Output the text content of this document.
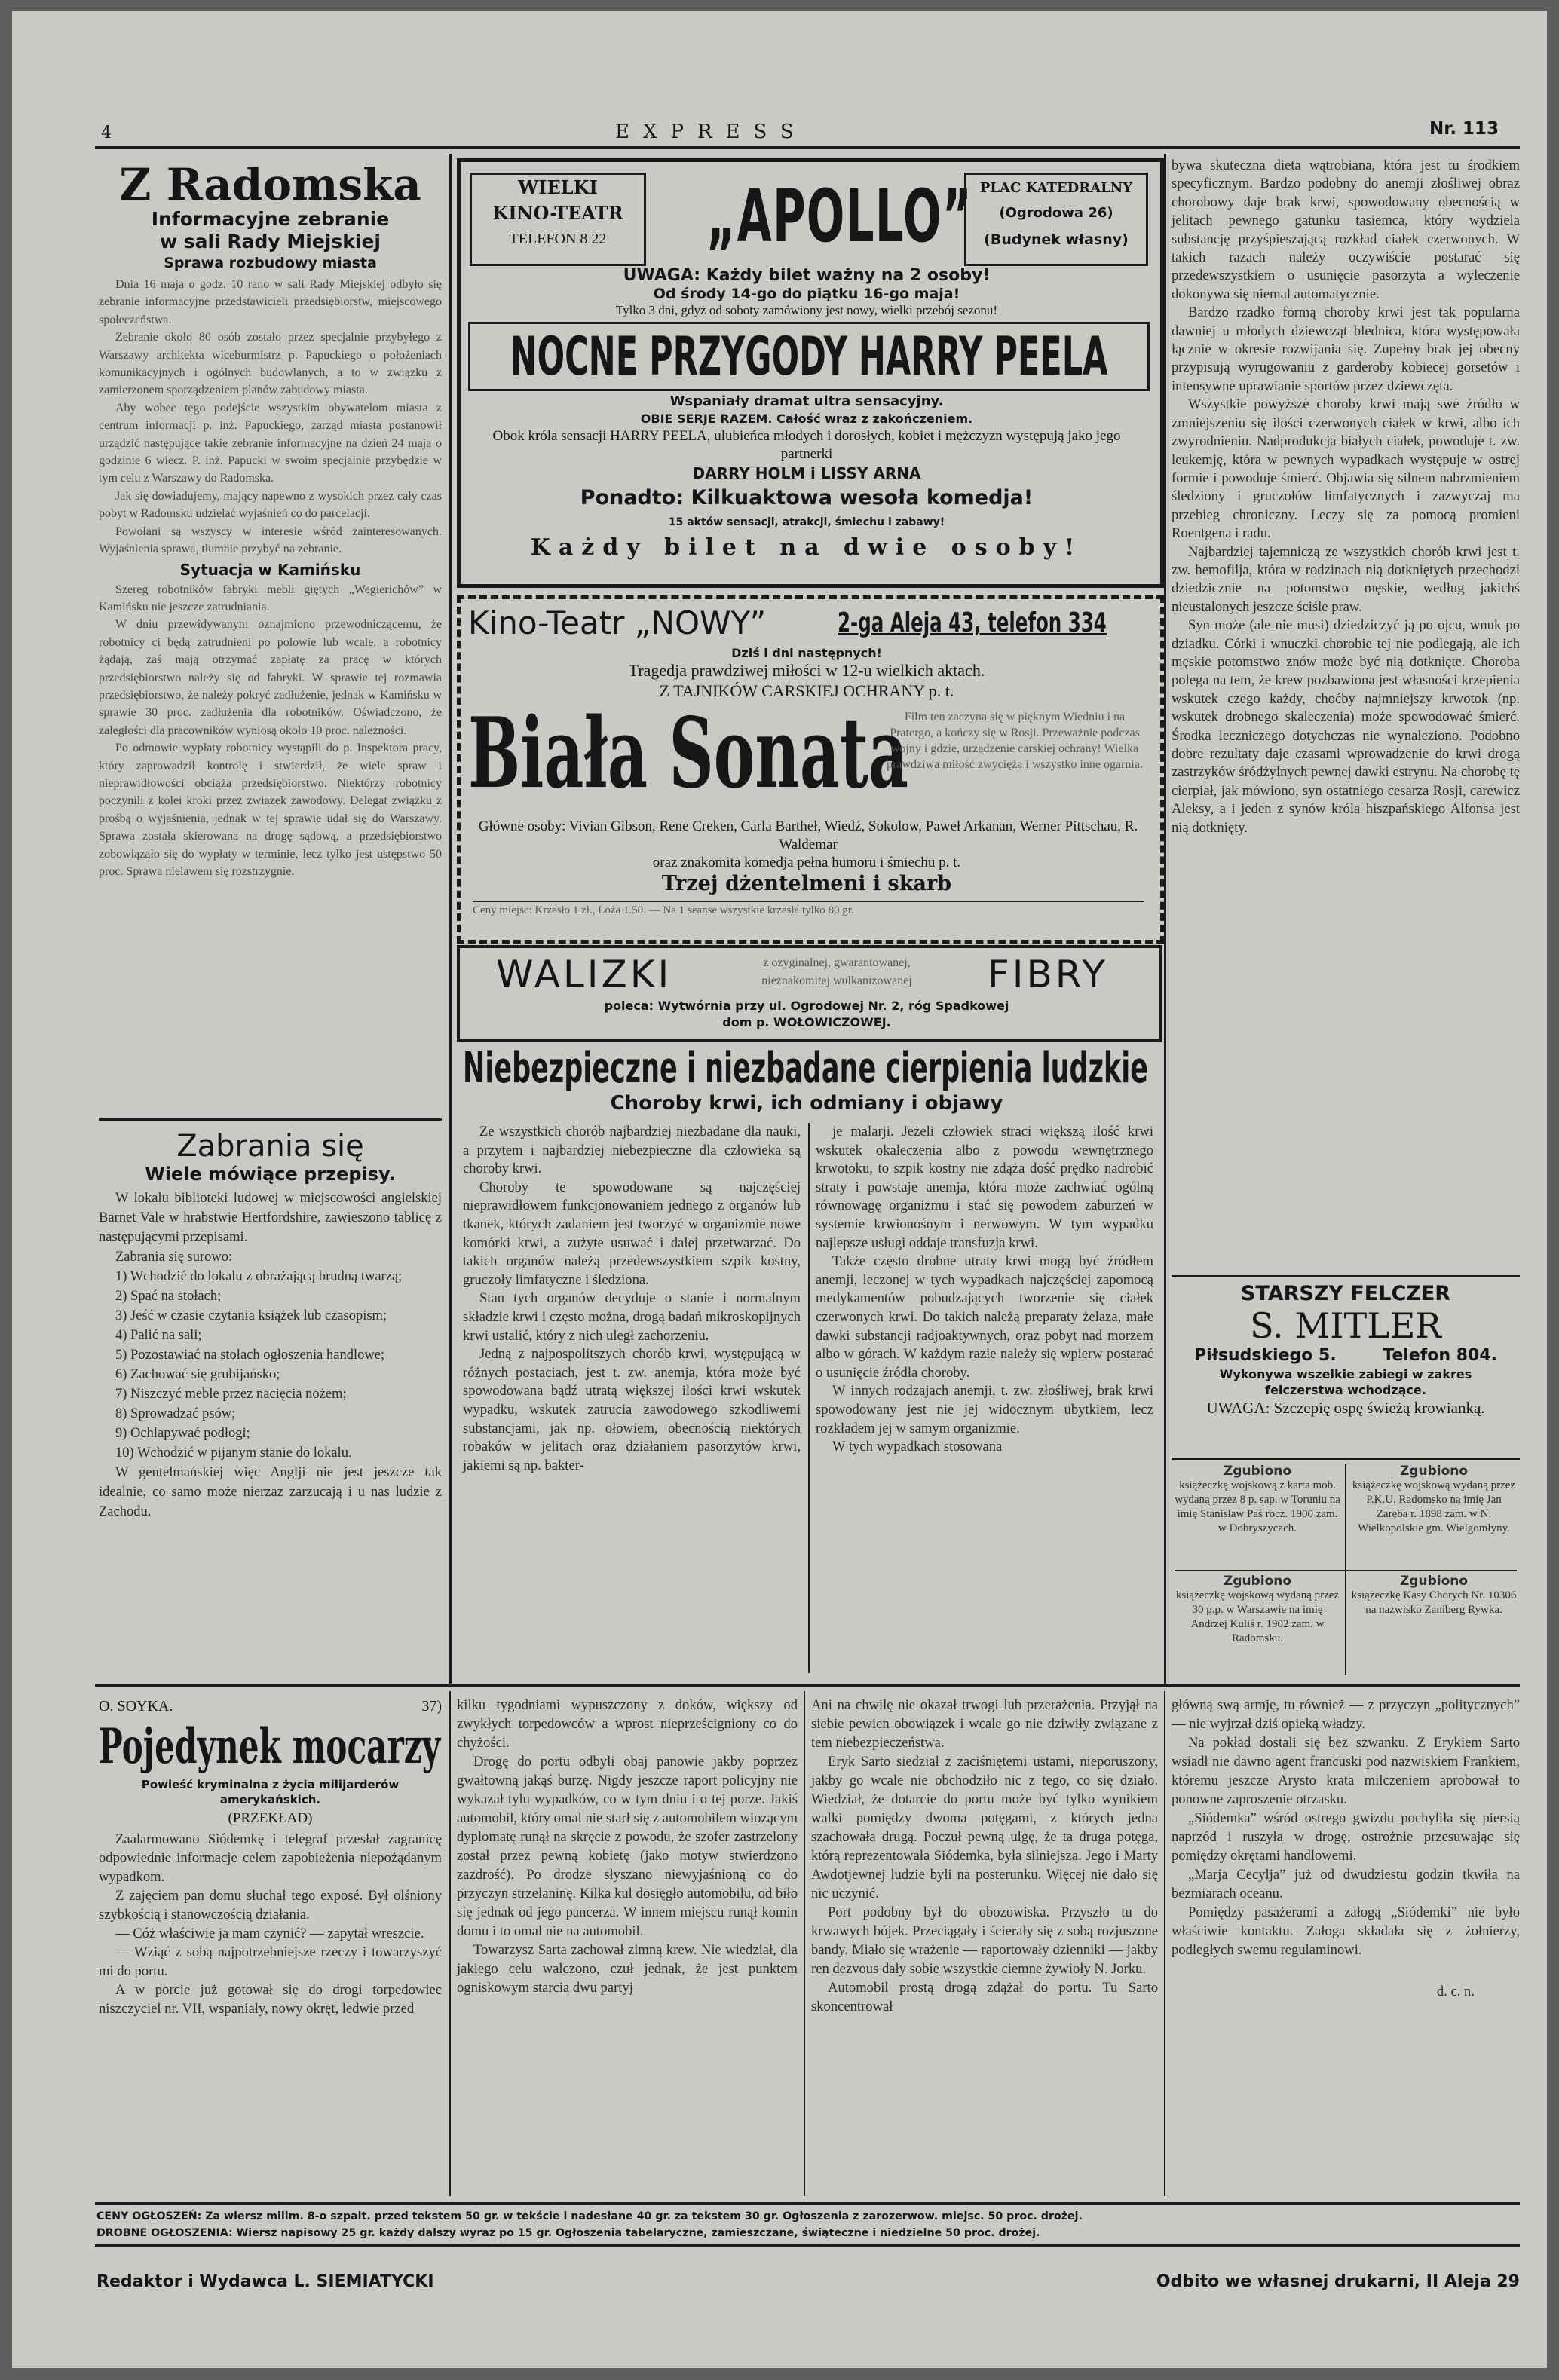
4	EXPRESS	Nr. 113
Z Radomska
Informacyjne zebranie
w sali Rady Miejskiej
Sprawa rozbudowy miasta

Dnia 16 maja o godz. 10 rano w sali Rady Miejskiej odbyło się zebranie informacyjne przedstawicieli przedsiębiorstw, miejscowego społeczeństwa.

Zebranie około 80 osób zostało przez specjalnie przybyłego z Warszawy architekta wiceburmistrz p. Papuckiego o położeniach komunikacyjnych i ogólnych budowlanych, a to w związku z zamierzonem sporządzeniem planów zabudowy miasta.

Aby wobec tego podejście wszystkim obywatelom miasta z centrum informacji p. inż. Papuckiego, zarząd miasta postanowił urządzić następujące takie zebranie informacyjne na dzień 24 maja o godzinie 6 wiecz. P. inż. Papucki w swoim specjalnie przybędzie w tym celu z Warszawy do Radomska.

Jak się dowiadujemy, mający napewno z wysokich przez cały czas pobyt w Radomsku udzielać wyjaśnień co do parcelacji.

Powołani są wszyscy w interesie wśród zainteresowanych. Wyjaśnienia sprawa, tłumnie przybyć na zebranie.

Sytuacja w Kamińsku

Szereg robotników fabryki mebli giętych „Wegierichów” w Kamińsku nie jeszcze zatrudniania.

W dniu przewidywanym oznajmiono przewodniczącemu, że robotnicy ci będą zatrudnieni po polowie lub wcale, a robotnicy żądają, zaś mają otrzymać zapłatę za pracę w których przedsiębiorstwo należy się od fabryki. W sprawie tej rozmawia przedsiębiorstwo, że należy pokryć zadłużenie, jednak w Kamińsku w sprawie 30 proc. zadłużenia dla robotników. Oświadczono, że zaległości dla pracowników wyniosą około 10 proc. należności.

Po odmowie wypłaty robotnicy wystąpili do p. Inspektora pracy, który zaprowadził kontrolę i stwierdził, że wiele spraw i nieprawidłowości obciąża przedsiębiorstwo. Niektórzy robotnicy poczynili z kolei kroki przez związek zawodowy. Delegat związku z prośbą o wyjaśnienia, jednak w tej sprawie udał się do Warszawy. Sprawa została skierowana na drogę sądową, a przedsiębiorstwo zobowiązało się do wypłaty w terminie, lecz tylko jest ustępstwo 50 proc. Sprawa nielawem się rozstrzygnie.

Zabrania się
Wiele mówiące przepisy.

W lokalu biblioteki ludowej w miejscowości angielskiej Barnet Vale w hrabstwie Hertfordshire, zawieszono tablicę z następującymi przepisami.

Zabrania się surowo:

1) Wchodzić do lokalu z obrażającą brudną twarzą;
2) Spać na stołach;
3) Jeść w czasie czytania książek lub czasopism;
4) Palić na sali;
5) Pozostawiać na stołach ogłoszenia handlowe;
6) Zachować się grubijańsko;
7) Niszczyć meble przez nacięcia nożem;
8) Sprowadzać psów;
9) Ochlapywać podłogi;
10) Wchodzić w pijanym stanie do lokalu.

W gentelmańskiej więc Anglji nie jest jeszcze tak idealnie, co samo może nierzaz zarzucają i u nas ludzie z Zachodu.

WIELKI
KINO-TEATR
TELEFON 8 22	„APOLLO” PLAC KATEDRALNY
(Ogrodowa 26)
(Budynek własny)
UWAGA: Każdy bilet ważny na 2 osoby!
Od środy 14-go do piątku 16-go maja!
Tylko 3 dni, gdyż od soboty zamówiony jest nowy, wielki przebój sezonu!
NOCNE PRZYGODY HARRY PEELA
Wspaniały dramat ultra sensacyjny.
OBIE SERJE RAZEM. Całość wraz z zakończeniem.
Obok króla sensacji HARRY PEELA, ulubieńca młodych i dorosłych, kobiet i mężczyzn występują jako jego partnerki
DARRY HOLM i LISSY ARNA
Ponadto: Kilkuaktowa wesoła komedja!
15 aktów sensacji, atrakcji, śmiechu i zabawy!
Każdy bilet na dwie osoby!
Kino-Teatr „NOWY”	2-ga Aleja 43, telefon 334
Dziś i dni następnych!
Tragedja prawdziwej miłości w 12-u wielkich aktach.
Z TAJNIKÓW CARSKIEJ OCHRANY p. t.
Biała Sonata
Film ten zaczyna się w pięknym Wiedniu i na Pratergo, a kończy się w Rosji. Przeważnie podczas wojny i gdzie, urządzenie carskiej ochrany! Wielka prawdziwa miłość zwycięża i wszystko inne ogarnia.
Główne osoby: Vivian Gibson, Rene Creken, Carla Bartheł, Wiedź, Sokolow, Paweł Arkanan, Werner Pittschau, R. Waldemar
oraz znakomita komedja pełna humoru i śmiechu p. t.
Trzej dżentelmeni i skarb
Ceny miejsc: Krzesło 1 zł., Loża 1.50. — Na 1 seanse wszystkie krzesła tylko 80 gr.
WALIZKI	z ozyginalnej, gwarantowanej,
nieznakomitej wulkanizowanej	FIBRY
poleca: Wytwórnia przy ul. Ogrodowej Nr. 2, róg Spadkowej
dom p. WOŁOWICZOWEJ.
Niebezpieczne i niezbadane cierpienia ludzkie
Choroby krwi, ich odmiany i objawy

Ze wszystkich chorób najbardziej niezbadane dla nauki, a przytem i najbardziej niebezpieczne dla człowieka są choroby krwi.

Choroby te spowodowane są najczęściej nieprawidłowem funkcjonowaniem jednego z organów lub tkanek, których zadaniem jest tworzyć w organizmie nowe komórki krwi, a zużyte usuwać i dalej przetwarzać. Do takich organów należą przedewszystkiem szpik kostny, gruczoły limfatyczne i śledziona.

Stan tych organów decyduje o stanie i normalnym składzie krwi i często można, drogą badań mikroskopijnych krwi ustalić, który z nich uległ zachorzeniu.

Jedną z najpospolitszych chorób krwi, występującą w różnych postaciach, jest t. zw. anemja, która może być spowodowana bądź utratą większej ilości krwi wskutek wypadku, wskutek zatrucia zawodowego szkodliwemi substancjami, jak np. ołowiem, obecnością niektórych robaków w jelitach oraz działaniem pasorzytów krwi, jakiemi są np. bakter-

je malarji. Jeżeli człowiek straci większą ilość krwi wskutek okaleczenia albo z powodu wewnętrznego krwotoku, to szpik kostny nie zdąża dość prędko nadrobić straty i powstaje anemja, która może zachwiać ogólną równowagę organizmu i stać się powodem zaburzeń w systemie krwionośnym i nerwowym. W tym wypadku najlepsze usługi oddaje transfuzja krwi.

Także często drobne utraty krwi mogą być źródłem anemji, leczonej w tych wypadkach najczęściej zapomocą medykamentów pobudzających tworzenie się ciałek czerwonych krwi. Do takich należą preparaty żelaza, małe dawki substancji radjoaktywnych, oraz pobyt nad morzem albo w górach. W każdym razie należy się wpierw postarać o usunięcie źródła choroby.

W innych rodzajach anemji, t. zw. złośliwej, brak krwi spowodowany jest nie jej widocznym ubytkiem, lecz rozkładem jej w samym organizmie.

W tych wypadkach stosowana

bywa skuteczna dieta wątrobiana, która jest tu środkiem specyficznym. Bardzo podobny do anemji złośliwej obraz chorobowy daje brak krwi, spowodowany obecnością w jelitach pewnego gatunku tasiemca, który wydziela substancję przyśpieszającą rozkład ciałek czerwonych. W takich razach należy oczywiście postarać się przedewszystkiem o usunięcie pasorzyta a wyleczenie dokonywa się niemal automatycznie.

Bardzo rzadko formą choroby krwi jest tak popularna dawniej u młodych dziewcząt blednica, która występowała łącznie w okresie rozwijania się. Zupełny brak jej obecny przypisują wyrugowaniu z garderoby kobiecej gorsetów i intensywne uprawianie sportów przez dziewczęta.

Wszystkie powyższe choroby krwi mają swe źródło w zmniejszeniu się ilości czerwonych ciałek w krwi, albo ich zwyrodnieniu. Nadprodukcja białych ciałek, powoduje t. zw. leukemję, która w pewnych wypadkach występuje w ostrej formie i powoduje śmierć. Objawia się silnem nabrzmieniem śledziony i gruczołów limfatycznych i zazwyczaj ma przebieg chroniczny. Leczy się za pomocą promieni Roentgena i radu.

Najbardziej tajemniczą ze wszystkich chorób krwi jest t. zw. hemofilja, która w rodzinach nią dotkniętych przechodzi dziedzicznie na potomstwo męskie, według jakichś nieustalonych jeszcze ściśle praw.

Syn może (ale nie musi) dziedziczyć ją po ojcu, wnuk po dziadku. Córki i wnuczki chorobie tej nie podlegają, ale ich męskie potomstwo znów może być nią dotknięte. Choroba polega na tem, że krew pozbawiona jest własności krzepienia wskutek czego każdy, choćby najmniejszy krwotok (np. wskutek drobnego skaleczenia) może spowodować śmierć. Środka leczniczego dotychczas nie wynaleziono. Podobno dobre rezultaty daje czasami wprowadzenie do krwi drogą zastrzyków śródżylnych pewnej dawki estrynu. Na chorobę tę cierpiał, jak mówiono, syn ostatniego cesarza Rosji, carewicz Aleksy, a i jeden z synów króla hiszpańskiego Alfonsa jest nią dotknięty.

STARSZY FELCZER
S. MITLER
Piłsudskiego 5.	Telefon 804.
Wykonywa wszelkie zabiegi w zakres felczerstwa wchodzące.
UWAGA: Szczepię ospę świeżą krowianką.
Zgubiono
książeczkę wojskową z karta mob. wydaną przez 8 p. sap. w Toruniu na imię Stanisław Paś rocz. 1900 zam. w Dobryszycach.
Zgubiono
książeczkę wojskową wydaną przez P.K.U. Radomsko na imię Jan Zaręba r. 1898 zam. w N. Wielkopolskie gm. Wielgomłyny.
Zgubiono
książeczkę wojskową wydaną przez 30 p.p. w Warszawie na imię Andrzej Kuliś r. 1902 zam. w Radomsku.
Zgubiono
książeczkę Kasy Chorych Nr. 10306 na nazwisko Zaniberg Rywka.
O. SOYKA.	37)
Pojedynek mocarzy
Powieść kryminalna z życia milijarderów amerykańskich.
(PRZEKŁAD)

Zaalarmowano Siódemkę i telegraf przesłał zagranicę odpowiednie informacje celem zapobieżenia niepożądanym wypadkom.

Z zajęciem pan domu słuchał tego exposé. Był olśniony szybkością i stanowczością działania.

— Cóż właściwie ja mam czynić? — zapytał wreszcie.

— Wziąć z sobą najpotrzebniejsze rzeczy i towarzyszyć mi do portu.

A w porcie już gotował się do drogi torpedowiec niszczyciel nr. VII, wspaniały, nowy okręt, ledwie przed

kilku tygodniami wypuszczony z doków, większy od zwykłych torpedowców a wprost nieprześcigniony co do chyżości.

Drogę do portu odbyli obaj panowie jakby poprzez gwałtowną jakąś burzę. Nigdy jeszcze raport policyjny nie wykazał tylu wypadków, co w tym dniu i o tej porze. Jakiś automobil, który omal nie starł się z automobilem wiozącym dyplomatę runął na skręcie z powodu, że szofer zastrzelony został przez pewną kobietę (jako motyw stwierdzono zazdrość). Po drodze słyszano niewyjaśnioną co do przyczyn strzelaninę. Kilka kul dosięgło automobilu, od biło się jednak od jego pancerza. W innem miejscu runął komin domu i to omal nie na automobil.

Towarzysz Sarta zachował zimną krew. Nie wiedział, dla jakiego celu walczono, czuł jednak, że jest punktem ogniskowym starcia dwu partyj

Ani na chwilę nie okazał trwogi lub przerażenia. Przyjął na siebie pewien obowiązek i wcale go nie dziwiły związane z tem niebezpieczeństwa.

Eryk Sarto siedział z zaciśniętemi ustami, nieporuszony, jakby go wcale nie obchodziło nic z tego, co się działo. Wiedział, że dotarcie do portu może być tylko wynikiem walki pomiędzy dwoma potęgami, z których jedna szachowała drugą. Poczuł pewną ulgę, że ta druga potęga, którą reprezentowała Siódemka, była silniejsza. Jego i Marty Awdotjewnej ludzie byli na posterunku. Więcej nie dało się nic uczynić.

Port podobny był do obozowiska. Przyszło tu do krwawych bójek. Przeciągały i ścierały się z sobą rozjuszone bandy. Miało się wrażenie — raportowały dzienniki — jakby ren dezvous dały sobie wszystkie ciemne żywioły N. Jorku.

Automobil prostą drogą zdążał do portu. Tu Sarto skoncentrował

główną swą armję, tu również — z przyczyn „politycznych” — nie wyjrzał dziś opieką władzy.

Na pokład dostali się bez szwanku. Z Erykiem Sarto wsiadł nie dawno agent francuski pod nazwiskiem Frankiem, któremu jeszcze Arysto krata milczeniem aprobował to ponowne zaproszenie otrzasku.

„Siódemka” wśród ostrego gwizdu pochyliła się piersią naprzód i ruszyła w drogę, ostrożnie przesuwając się pomiędzy okrętami handlowemi.

„Marja Cecylja” już od dwudziestu godzin tkwiła na bezmiarach oceanu.

Pomiędzy pasażerami a załogą „Siódemki” nie było właściwie kontaktu. Załoga składała się z żołnierzy, podległych swemu regulaminowi.

d. c. n.
CENY OGŁOSZEŃ: Za wiersz milim. 8-o szpalt. przed tekstem 50 gr. w tekście i nadesłane 40 gr. za tekstem 30 gr. Ogłoszenia z zarozerwow. miejsc. 50 proc. drożej.
DROBNE OGŁOSZENIA: Wiersz napisowy 25 gr. każdy dalszy wyraz po 15 gr. Ogłoszenia tabelaryczne, zamieszczane, świąteczne i niedzielne 50 proc. drożej.
Redaktor i Wydawca L. SIEMIATYCKI	Odbito we własnej drukarni, II Aleja 29
